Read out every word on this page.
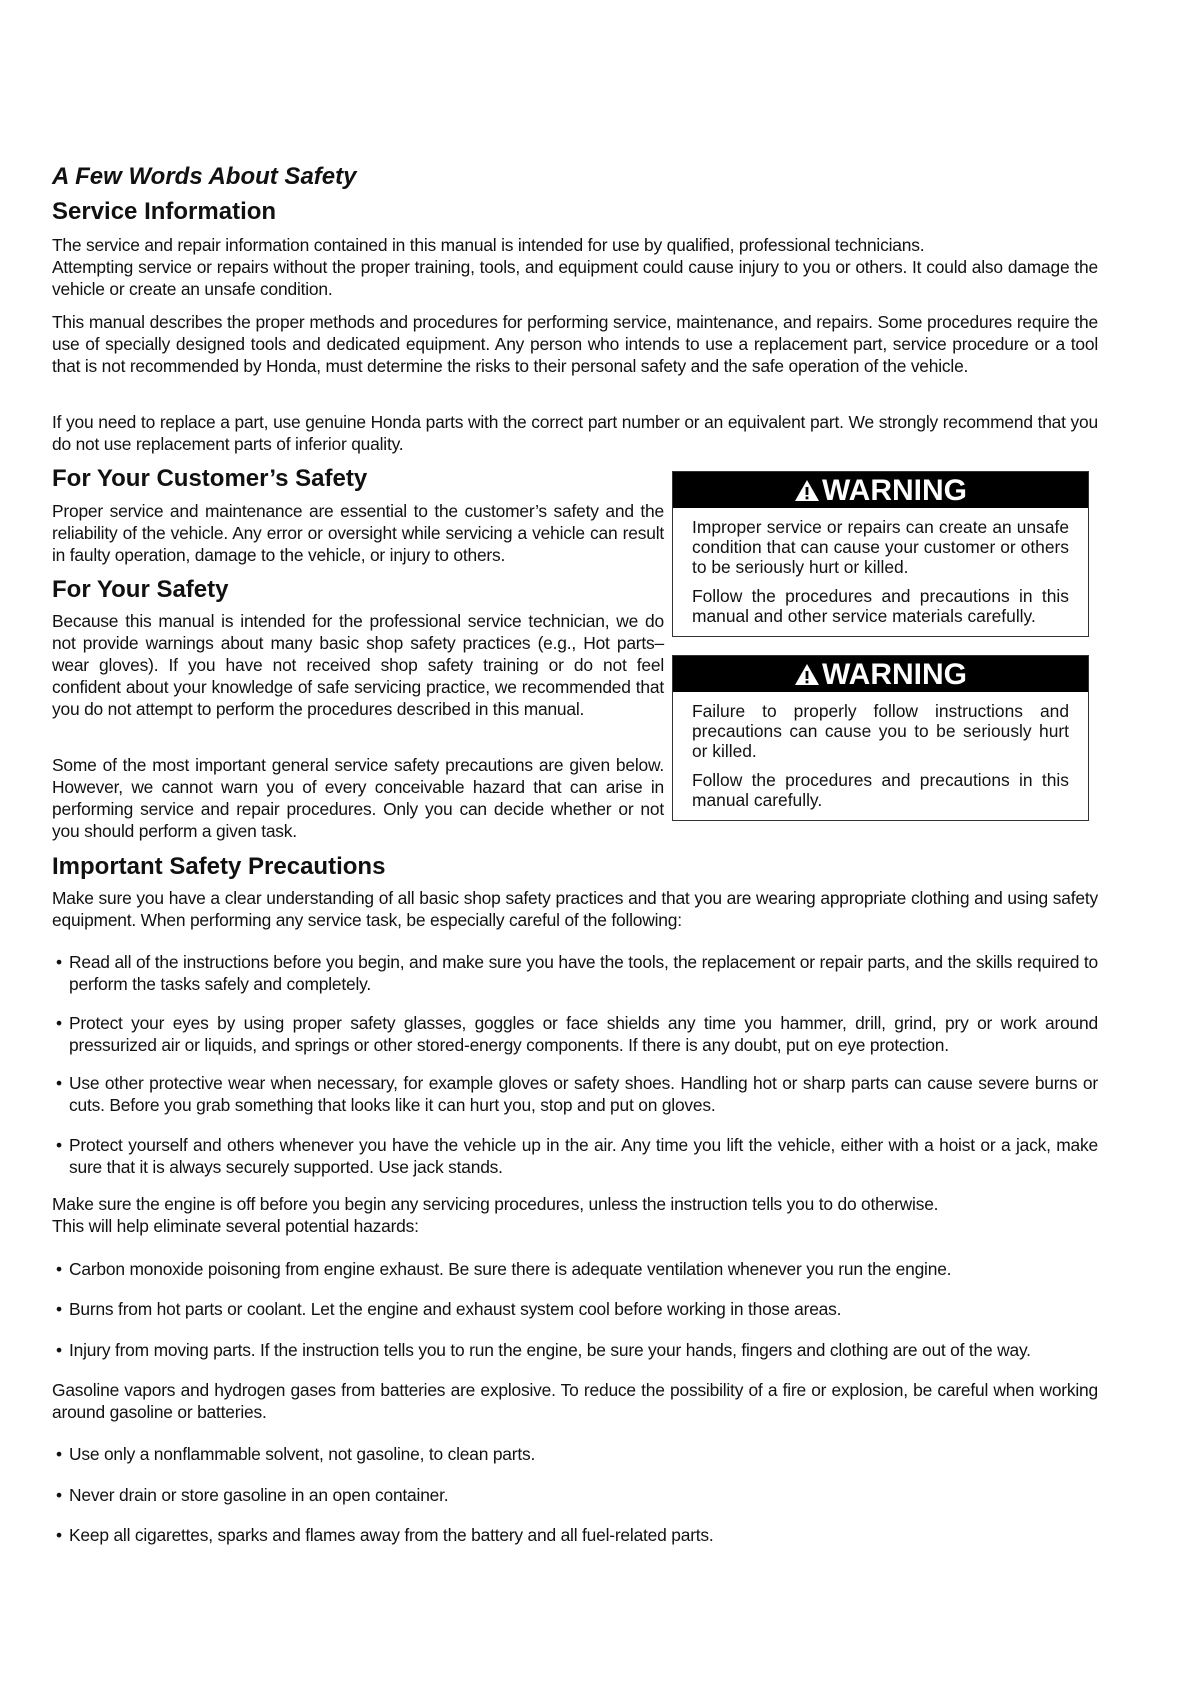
A Few Words About Safety
Service Information

The service and repair information contained in this manual is intended for use by qualified, professional technicians.

Attempting service or repairs without the proper training, tools, and equipment could cause injury to you or others. It could also damage the vehicle or create an unsafe condition.

This manual describes the proper methods and procedures for performing service, maintenance, and repairs. Some procedures require the use of specially designed tools and dedicated equipment. Any person who intends to use a replacement part, service procedure or a tool that is not recommended by Honda, must determine the risks to their personal safety and the safe operation of the vehicle.
If you need to replace a part, use genuine Honda parts with the correct part number or an equivalent part. We strongly recommend that you do not use replacement parts of inferior quality.
For Your Customer’s Safety
Proper service and maintenance are essential to the customer’s safety and the reliability of the vehicle. Any error or oversight while servicing a vehicle can result in faulty operation, damage to the vehicle, or injury to others.
For Your Safety
Because this manual is intended for the professional service technician, we do not provide warnings about many basic shop safety practices (e.g., Hot parts–wear gloves). If you have not received shop safety training or do not feel confident about your knowledge of safe servicing practice, we recommended that you do not attempt to perform the procedures described in this manual.
Some of the most important general service safety precautions are given below. However, we cannot warn you of every conceivable hazard that can arise in performing service and repair procedures. Only you can decide whether or not you should perform a given task.
WARNING

Improper service or repairs can create an unsafe condition that can cause your customer or others to be seriously hurt or killed.

Follow the procedures and precautions in this manual and other service materials carefully.

WARNING

Failure to properly follow instructions and precautions can cause you to be seriously hurt or killed.

Follow the procedures and precautions in this manual carefully.

Important Safety Precautions
Make sure you have a clear understanding of all basic shop safety practices and that you are wearing appropriate clothing and using safety equipment. When performing any service task, be especially careful of the following:
• Read all of the instructions before you begin, and make sure you have the tools, the replacement or repair parts, and the skills required to perform the tasks safely and completely.
• Protect your eyes by using proper safety glasses, goggles or face shields any time you hammer, drill, grind, pry or work around pressurized air or liquids, and springs or other stored-energy components. If there is any doubt, put on eye protection.
• Use other protective wear when necessary, for example gloves or safety shoes. Handling hot or sharp parts can cause severe burns or cuts. Before you grab something that looks like it can hurt you, stop and put on gloves.
• Protect yourself and others whenever you have the vehicle up in the air. Any time you lift the vehicle, either with a hoist or a jack, make sure that it is always securely supported. Use jack stands.

Make sure the engine is off before you begin any servicing procedures, unless the instruction tells you to do otherwise.

This will help eliminate several potential hazards:

• Carbon monoxide poisoning from engine exhaust. Be sure there is adequate ventilation whenever you run the engine.
• Burns from hot parts or coolant. Let the engine and exhaust system cool before working in those areas.
• Injury from moving parts. If the instruction tells you to run the engine, be sure your hands, fingers and clothing are out of the way.
Gasoline vapors and hydrogen gases from batteries are explosive. To reduce the possibility of a fire or explosion, be careful when working around gasoline or batteries.
• Use only a nonflammable solvent, not gasoline, to clean parts.
• Never drain or store gasoline in an open container.
• Keep all cigarettes, sparks and flames away from the battery and all fuel-related parts.
